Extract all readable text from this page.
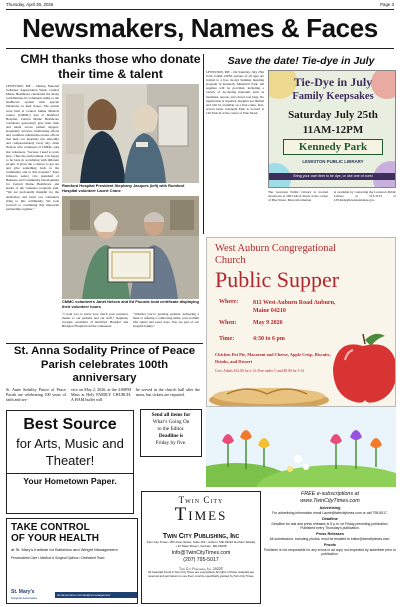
Thursday, April 30, 2026	Page 3
Newsmakers, Names & Faces
CMH thanks those who donate their time & talent
LEWISTON, ME – During National Volunteer Appreciation Week, Central Maine Healthcare celebrated the many contributions its volunteers make to the healthcare system with special luncheons in their honor. The events were held at Central Maine Medical Center (CMMC) and at Rumford Hospital. Central Maine Healthcare volunteers generously give their time and talent across patient support, hospitality services, fundraising efforts and countless behind-the-scenes efforts that help our hospitals run smoothly and compassionately every day. Janet Nelson, who volunteers at CMMC, said she volunteers, “because I used to work here. I like the environment. I’m happy to be back in socializing with different people. It gives me a chance to get out and give something back to the community and to this hospital.” Kara Johnson, senior vice president of Business and Community Development for Central Maine Healthcare and leader of the volunteer program, said, “We are profoundly thankful for the dedication and heart our volunteers bring to this community. We look forward to continuing this important partnership together.”
Rumford Hospital President Stephany Jacques (left) with Rumford Hospital volunteer Laurie Crane
CMMC volunteers Janet Nelson and Ed Plourde hold certificate displaying their volunteer hours
“I want you to know how much your presence means to our patients and our staff,” Stephany Jacques, president of Rumford Hospital and Bridgton Hospital told the volunteers.
“Whether you’re greeting patients, delivering a meal or offering a comforting smile, your warmth lifts spirits and eases days. You are part of our hospital family.”
Save the date! Tie-dye in July
LEWISTON, ME – On Saturday, July 25th from 11AM–12PM, patrons of all ages are invited to a free tie-dye Summer Reading program in Kennedy Memorial Park. All supplies will be provided, including a variety of tie-dyeing materials such as bandanas, aprons, and canvas tote bags. No registration is required. Supplies are limited and will be available on a first-come, first-served basis. Kennedy Park is located at 120 Park St at the corner of Pine Street.
Tie-Dye in July
Family Keepsakes
Saturday July 25th
11AM-12PM
Kennedy Park
LEWISTON PUBLIC LIBRARY
Bring your own item to tie dye, or use one of ours!
The Lewiston Public Library is located downtown at 200 Lisbon Street at the corner of Pine Street. More information
is available by contacting the Lewiston Public Library at 513-3133 or LPLKids@lewistonmaine.gov.
West Auburn Congregational Church
Public Supper
Where: 811 West Auburn Road Auburn, Maine 04210
When:	May 9 2026
Time:	4:30 to 6 pm
Chicken Pot Pie, Macaroni and Cheese, Apple Crisp, Biscuits, Drinks, and Dessert
Cost: Adults $12.00 for a 14, Free under 5, and $5.00 for 5-12
St. Anna Sodality Prince of Peace Parish celebrates 100th anniversary
St. Anne Sodality Prince of Peace Parish are celebrating 100 years of faith and ser-
vice on May 2, 2026, at the 4:00PM Mass at Holy FAMILY CHURCH. A HAM buffet will
be served in the church hall after the mass, but tickets are required.
Send all items for
What’s Going On
to the Editor.
Deadline is
Friday by five.
Best Source
for Arts, Music and Theater!
Your Hometown Paper.
TAKE CONTROL
OF YOUR HEALTH
at St. Mary’s Institute for Bariatrics and Weight Management
Personalized Care • Medical & Surgical Options • Dedicated Team
St. Mary’s
Surgical Associates
stmarysmaine.com/weight-management
Twin City
Times
Twin City Publishing, Inc
Twin City Times • 88 Union Street, Suite 101 • Auburn, ME 04210 Gorham Weekly • 33 State Street • Gorham, ME 04038
Info@TwinCityTimes.com
(207) 795-5017
Twin City Publishing, Inc. 2022©
All materials found in Twin City Times are copyrighted. All rights of those materials are reserved and permission to use them must be specifically granted by Twin City Times.
FREE e-subscriptions at
www.TwinCityTimes.com
Advertising
For advertising information email Laurie@twincitytimes.com or call 795-5017.
Deadline
Deadline for ads and press releases is 5 p.m. on Friday preceding publication. Published every Thursday’s publication.
Press Releases
All submissions, including photos, must be emailed to editor@twincitytimes.com.
Proofs
Publisher is not responsible for any errors in ad copy not inspected by advertiser prior to publication.
